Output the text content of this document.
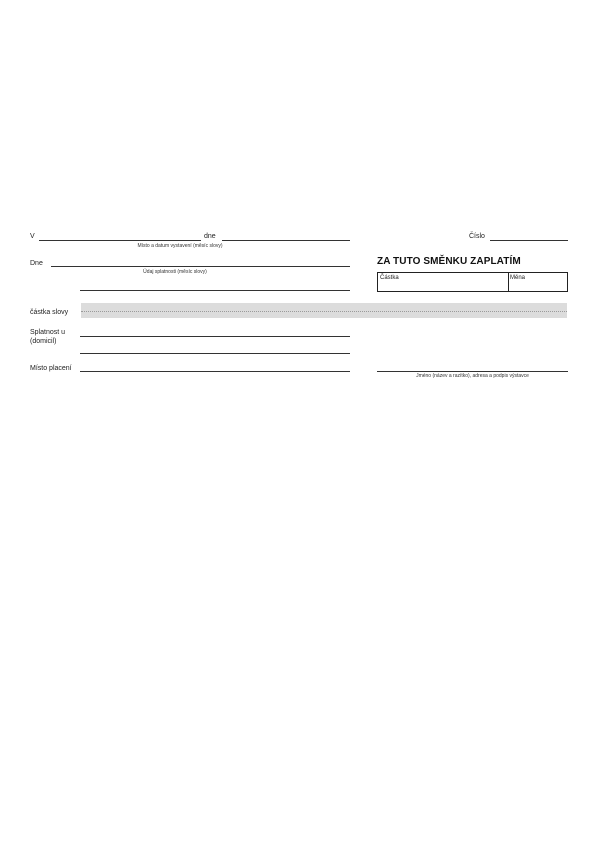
V	dne
Místo a datum vystavení (měsíc slovy)
Číslo
Dne
Údaj splatnosti (měsíc slovy)
ZA TUTO SMĚNKU ZAPLATÍM
Částka	Měna
částka slovy
Splatnost u
(domicil)
Místo placení
Jméno (název a razítko), adresa a podpis výstavce
